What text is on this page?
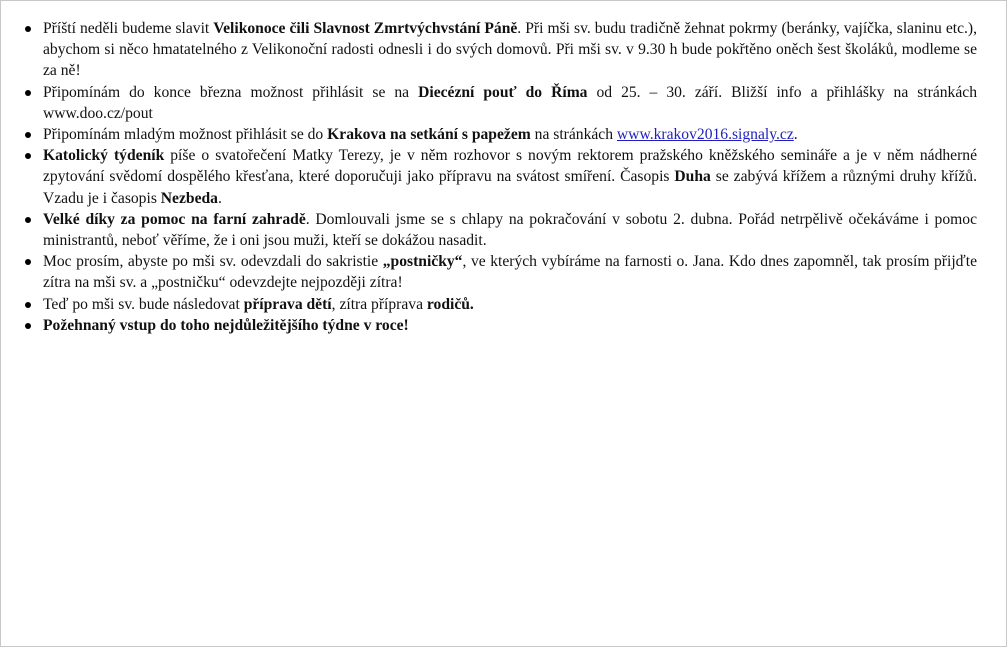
Příští neděli budeme slavit Velikonoce čili Slavnost Zmrtvýchvstání Páně. Při mši sv. budu tradičně žehnat pokrmy (beránky, vajíčka, slaninu etc.), abychom si něco hmatatelného z Velikonoční radosti odnesli i do svých domovů. Při mši sv. v 9.30 h bude pokřtěno oněch šest školáků, modleme se za ně!
Připomínám do konce března možnost přihlásit se na Diecézní pouť do Říma od 25. – 30. září. Bližší info a přihlášky na stránkách www.doo.cz/pout
Připomínám mladým možnost přihlásit se do Krakova na setkání s papežem na stránkách www.krakov2016.signaly.cz.
Katolický týdeník píše o svatořečení Matky Terezy, je v něm rozhovor s novým rektorem pražského kněžského semináře a je v něm nádherné zpytování svědomí dospělého křesťana, které doporučuji jako přípravu na svátost smíření. Časopis Duha se zabývá křížem a různými druhy křížů. Vzadu je i časopis Nezbeda.
Velké díky za pomoc na farní zahradě. Domlouvali jsme se s chlapy na pokračování v sobotu 2. dubna. Pořád netrpělivě očekáváme i pomoc ministrantů, neboť věříme, že i oni jsou muži, kteří se dokážou nasadit.
Moc prosím, abyste po mši sv. odevzdali do sakristie „postničky“, ve kterých vybíráme na farnosti o. Jana. Kdo dnes zapomněl, tak prosím přijďte zítra na mši sv. a „postničku“ odevzdejte nejpozději zítra!
Teď po mši sv. bude následovat příprava dětí, zítra příprava rodičů.
Požehnaný vstup do toho nejdůležitějšího týdne v roce!
